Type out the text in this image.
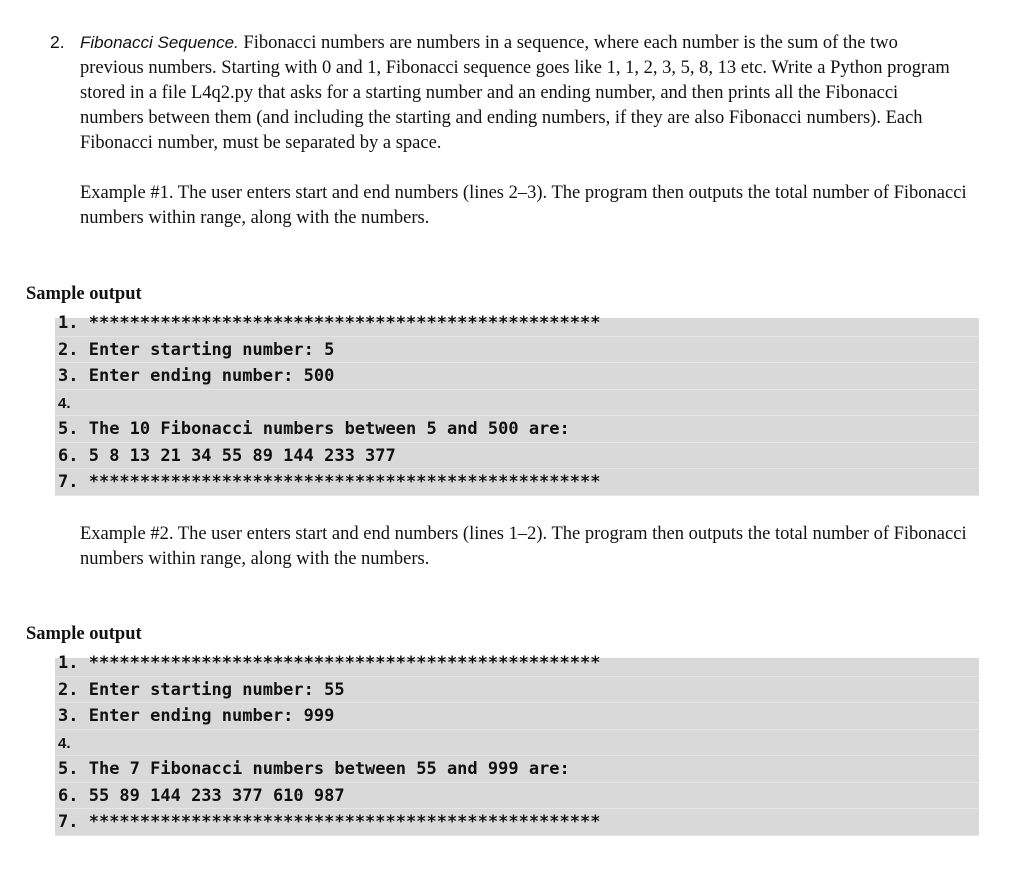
2. Fibonacci Sequence. Fibonacci numbers are numbers in a sequence, where each number is the sum of the two previous numbers. Starting with 0 and 1, Fibonacci sequence goes like 1, 1, 2, 3, 5, 8, 13 etc. Write a Python program stored in a file L4q2.py that asks for a starting number and an ending number, and then prints all the Fibonacci numbers between them (and including the starting and ending numbers, if they are also Fibonacci numbers). Each Fibonacci number, must be separated by a space.
Example #1. The user enters start and end numbers (lines 2–3). The program then outputs the total number of Fibonacci numbers within range, along with the numbers.
Sample output
1. **************************************************
2. Enter starting number: 5
3. Enter ending number: 500
4.
5. The 10 Fibonacci numbers between 5 and 500 are:
6. 5 8 13 21 34 55 89 144 233 377
7. **************************************************
Example #2. The user enters start and end numbers (lines 1–2). The program then outputs the total number of Fibonacci numbers within range, along with the numbers.
Sample output
1. **************************************************
2. Enter starting number: 55
3. Enter ending number: 999
4.
5. The 7 Fibonacci numbers between 55 and 999 are:
6. 55 89 144 233 377 610 987
7. **************************************************
